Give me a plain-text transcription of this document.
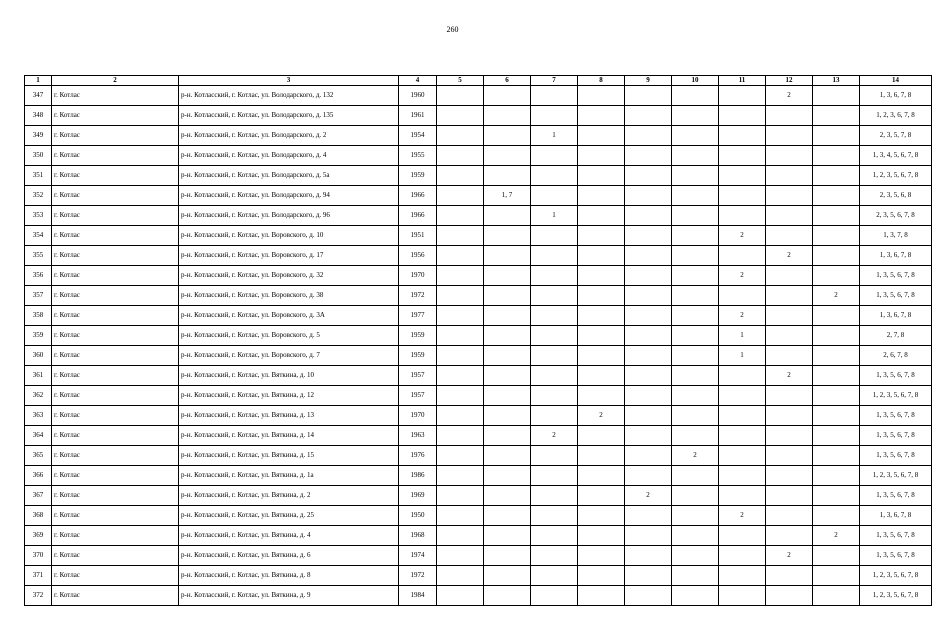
260
1	2	3	4	5	6	7	8	9	10	11	12	13	14
347	г. Котлас	р-н. Котласский, г. Котлас, ул. Володарского, д. 132	1960								2		1, 3, 6, 7, 8
348	г. Котлас	р-н. Котласский, г. Котлас, ул. Володарского, д. 135	1961										1, 2, 3, 6, 7, 8
349	г. Котлас	р-н. Котласский, г. Котлас, ул. Володарского, д. 2	1954			1							2, 3, 5, 7, 8
350	г. Котлас	р-н. Котласский, г. Котлас, ул. Володарского, д. 4	1955										1, 3, 4, 5, 6, 7, 8
351	г. Котлас	р-н. Котласский, г. Котлас, ул. Володарского, д. 5а	1959										1, 2, 3, 5, 6, 7, 8
352	г. Котлас	р-н. Котласский, г. Котлас, ул. Володарского, д. 94	1966		1, 7								2, 3, 5, 6, 8
353	г. Котлас	р-н. Котласский, г. Котлас, ул. Володарского, д. 96	1966			1							2, 3, 5, 6, 7, 8
354	г. Котлас	р-н. Котласский, г. Котлас, ул. Воровского, д. 10	1951							2			1, 3, 7, 8
355	г. Котлас	р-н. Котласский, г. Котлас, ул. Воровского, д. 17	1956								2		1, 3, 6, 7, 8
356	г. Котлас	р-н. Котласский, г. Котлас, ул. Воровского, д. 32	1970							2			1, 3, 5, 6, 7, 8
357	г. Котлас	р-н. Котласский, г. Котлас, ул. Воровского, д. 38	1972									2	1, 3, 5, 6, 7, 8
358	г. Котлас	р-н. Котласский, г. Котлас, ул. Воровского, д. 3А	1977							2			1, 3, 6, 7, 8
359	г. Котлас	р-н. Котласский, г. Котлас, ул. Воровского, д. 5	1959							1			2, 7, 8
360	г. Котлас	р-н. Котласский, г. Котлас, ул. Воровского, д. 7	1959							1			2, 6, 7, 8
361	г. Котлас	р-н. Котласский, г. Котлас, ул. Вяткина, д. 10	1957								2		1, 3, 5, 6, 7, 8
362	г. Котлас	р-н. Котласский, г. Котлас, ул. Вяткина, д. 12	1957										1, 2, 3, 5, 6, 7, 8
363	г. Котлас	р-н. Котласский, г. Котлас, ул. Вяткина, д. 13	1970				2						1, 3, 5, 6, 7, 8
364	г. Котлас	р-н. Котласский, г. Котлас, ул. Вяткина, д. 14	1963			2							1, 3, 5, 6, 7, 8
365	г. Котлас	р-н. Котласский, г. Котлас, ул. Вяткина, д. 15	1976						2				1, 3, 5, 6, 7, 8
366	г. Котлас	р-н. Котласский, г. Котлас, ул. Вяткина, д. 1а	1986										1, 2, 3, 5, 6, 7, 8
367	г. Котлас	р-н. Котласский, г. Котлас, ул. Вяткина, д. 2	1969					2					1, 3, 5, 6, 7, 8
368	г. Котлас	р-н. Котласский, г. Котлас, ул. Вяткина, д. 25	1950							2			1, 3, 6, 7, 8
369	г. Котлас	р-н. Котласский, г. Котлас, ул. Вяткина, д. 4	1968									2	1, 3, 5, 6, 7, 8
370	г. Котлас	р-н. Котласский, г. Котлас, ул. Вяткина, д. 6	1974								2		1, 3, 5, 6, 7, 8
371	г. Котлас	р-н. Котласский, г. Котлас, ул. Вяткина, д. 8	1972										1, 2, 3, 5, 6, 7, 8
372	г. Котлас	р-н. Котласский, г. Котлас, ул. Вяткина, д. 9	1984										1, 2, 3, 5, 6, 7, 8
